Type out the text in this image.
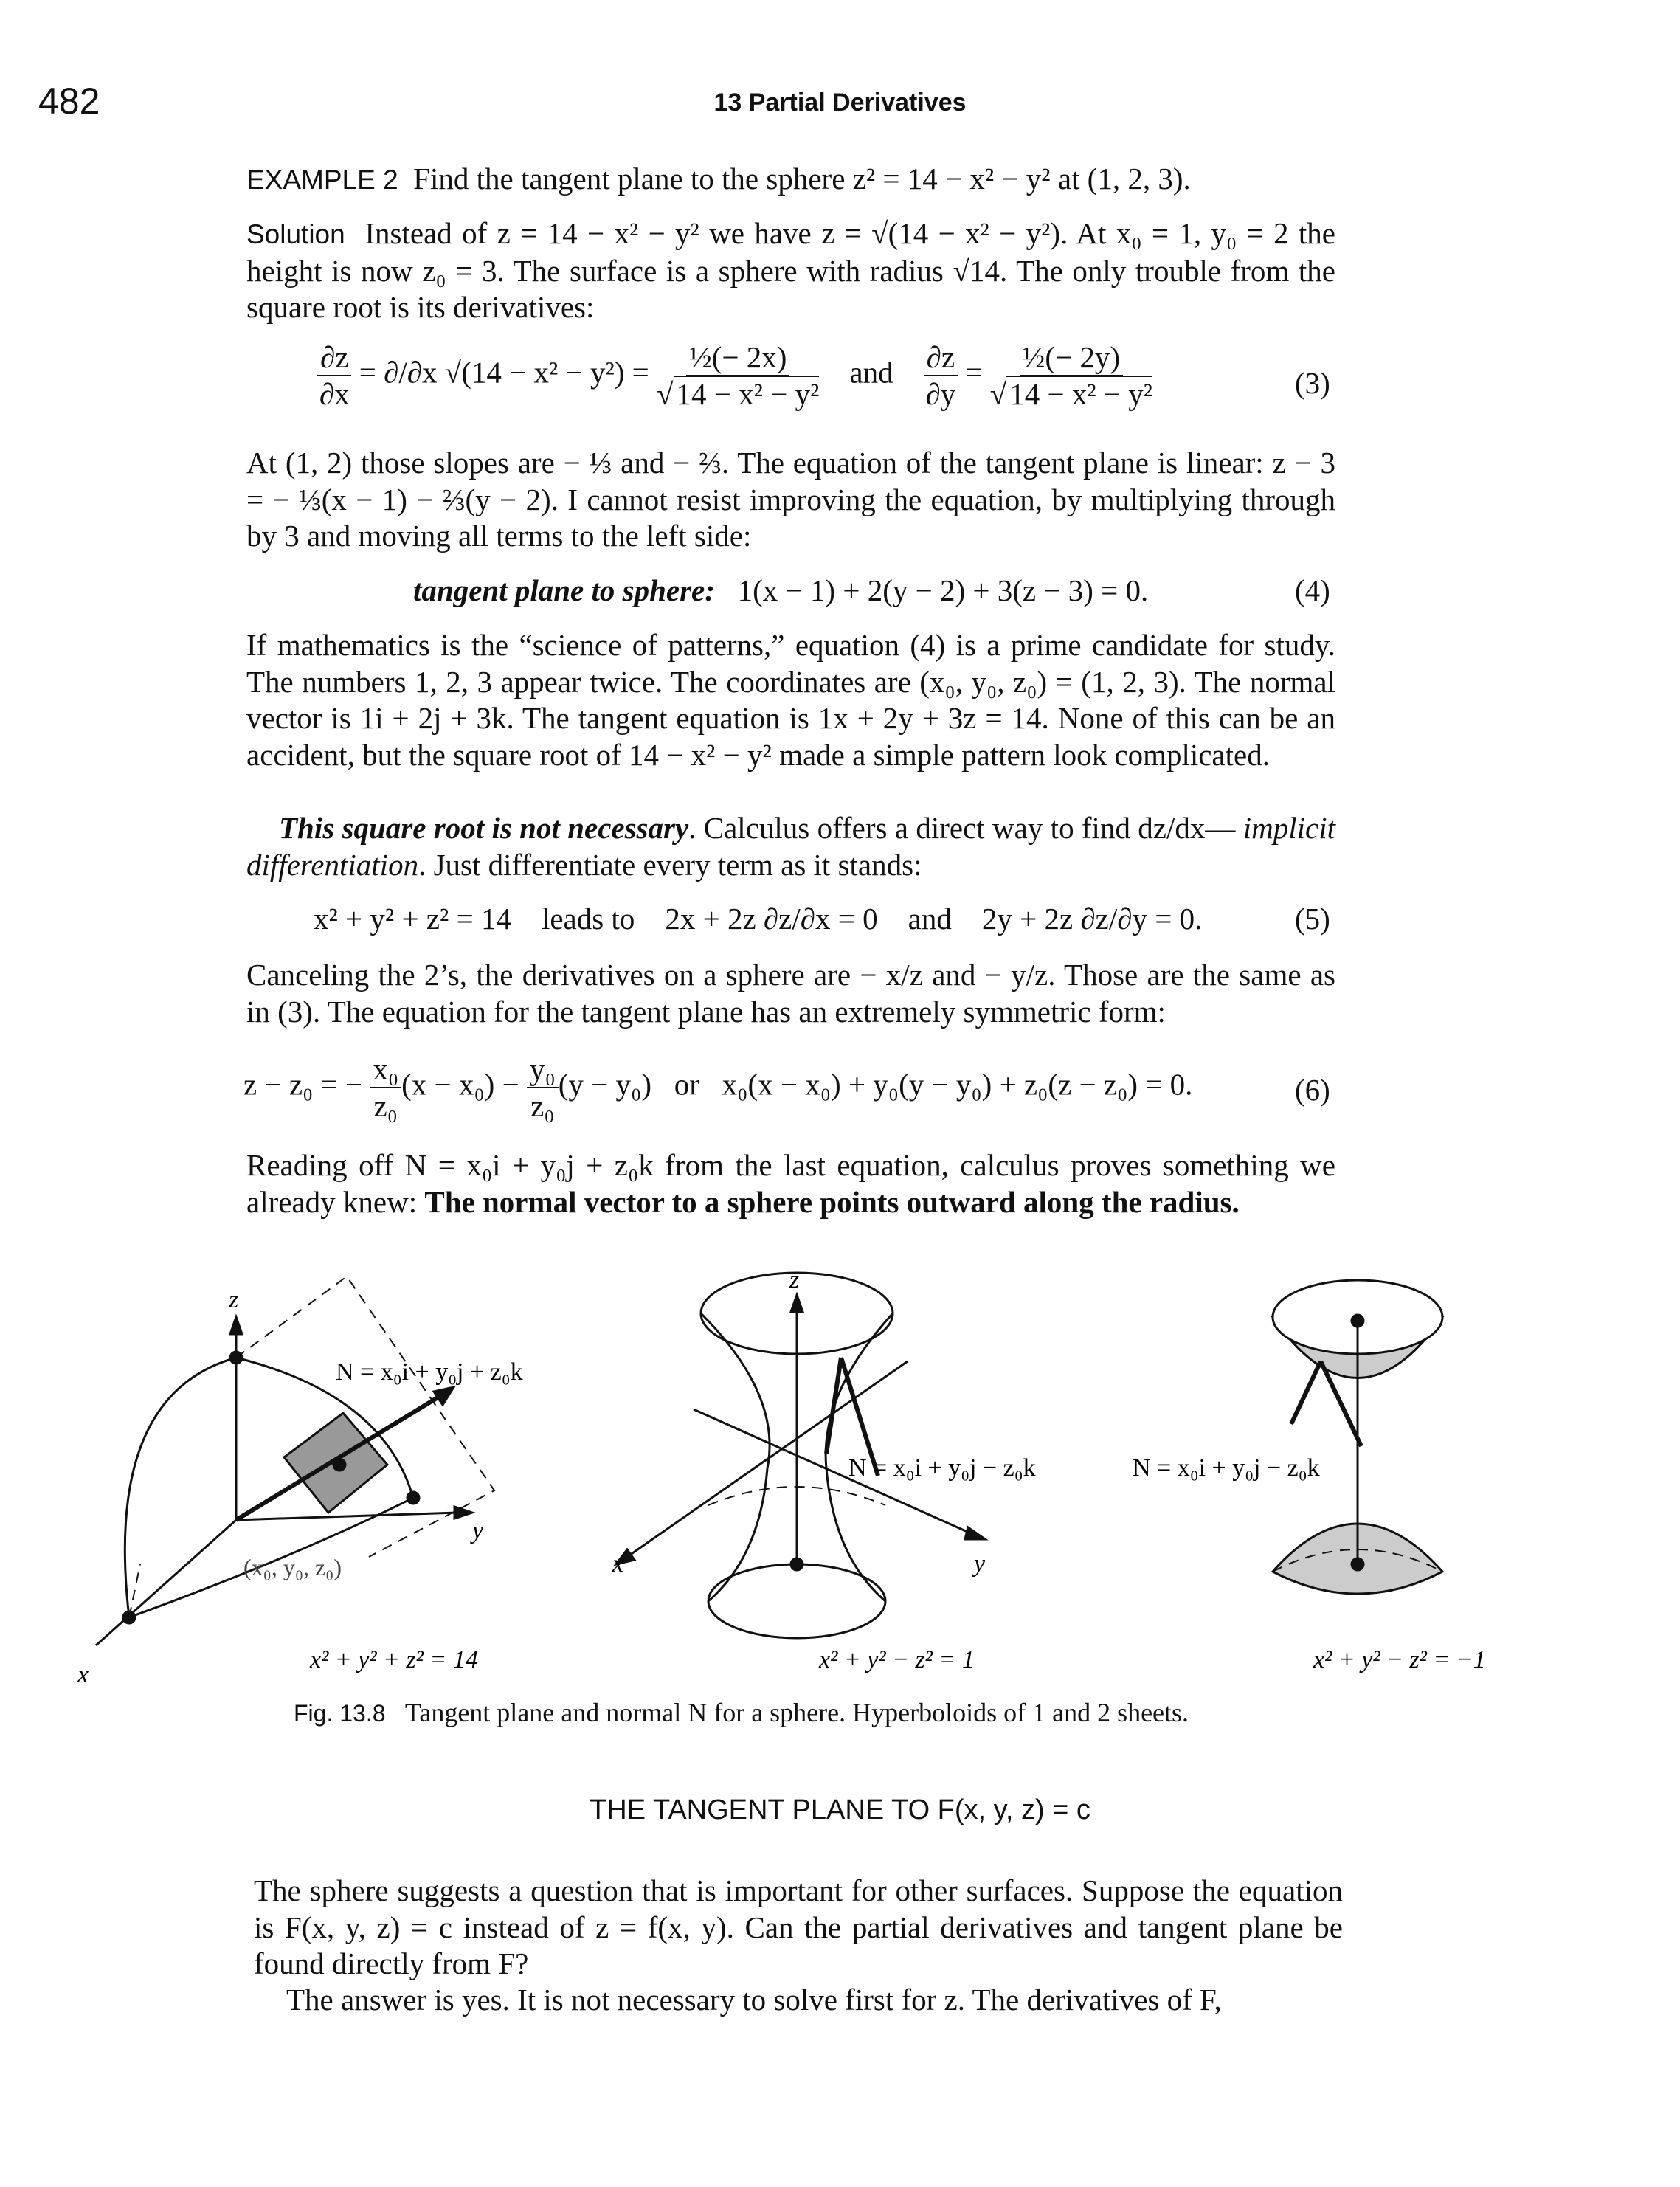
482	13 Partial Derivatives
EXAMPLE 2 Find the tangent plane to the sphere z² = 14 − x² − y² at (1, 2, 3).
Solution Instead of z = 14 − x² − y² we have z = √(14 − x² − y²). At x₀ = 1, y₀ = 2 the height is now z₀ = 3. The surface is a sphere with radius √14. The only trouble from the square root is its derivatives:
$\frac{\partial z}{\partial x} = \partial/\partial x$ $√(14 - x^2 - y^2) = \frac{\text{½(− 2x)}}{\text{√14 − x² − y²}}$ and $\frac{\partial z}{\partial y} = \frac{\text{½(− 2y)}}{\text{√14 − x² − y²}}$	(3)
At (1, 2) those slopes are − ⅓ and − ⅔. The equation of the tangent plane is linear: z − 3 = − ⅓(x − 1) − ⅔(y − 2). I cannot resist improving the equation, by multiplying through by 3 and moving all terms to the left side:
tangent plane to sphere: 1(x − 1) + 2(y − 2) + 3(z − 3) = 0.	(4)
If mathematics is the “science of patterns,” equation (4) is a prime candidate for study. The numbers 1, 2, 3 appear twice. The coordinates are (x₀, y₀, z₀) = (1, 2, 3). The normal vector is 1i + 2j + 3k. The tangent equation is 1x + 2y + 3z = 14. None of this can be an accident, but the square root of 14 − x² − y² made a simple pattern look complicated.
This square root is not necessary. Calculus offers a direct way to find dz/dx— implicit differentiation. Just differentiate every term as it stands:
x² + y² + z² = 14    leads to    2x + 2z ∂z/∂x = 0    and    2y + 2z ∂z/∂y = 0.	(5)
Canceling the 2’s, the derivatives on a sphere are − x/z and − y/z. Those are the same as in (3). The equation for the tangent plane has an extremely symmetric form:
z − z₀ = − $\frac{\text{x₀}}{\text{z₀}} (x - x_0) - \frac{\text{y₀}}{\text{z₀}} (y - y_0)$ or x₀(x − x₀) + y₀(y − y₀) + z₀(z − z₀) = 0.	(6)
Reading off N = x₀i + y₀j + z₀k from the last equation, calculus proves something we already knew: The normal vector to a sphere points outward along the radius.
z
y
x
N = x₀i + y₀j + z₀k
(x₀, y₀, z₀)
x² + y² + z² = 14
z
y
x
N = x₀i + y₀j − z₀k
x² + y² − z² = 1
N = x₀i + y₀j − z₀k
x² + y² − z² = −1
Fig. 13.8 Tangent plane and normal N for a sphere. Hyperboloids of 1 and 2 sheets.
THE TANGENT PLANE TO F(x, y, z) = c
The sphere suggests a question that is important for other surfaces. Suppose the equation is F(x, y, z) = c instead of z = f(x, y). Can the partial derivatives and tangent plane be found directly from F?
The answer is yes. It is not necessary to solve first for z. The derivatives of F,
